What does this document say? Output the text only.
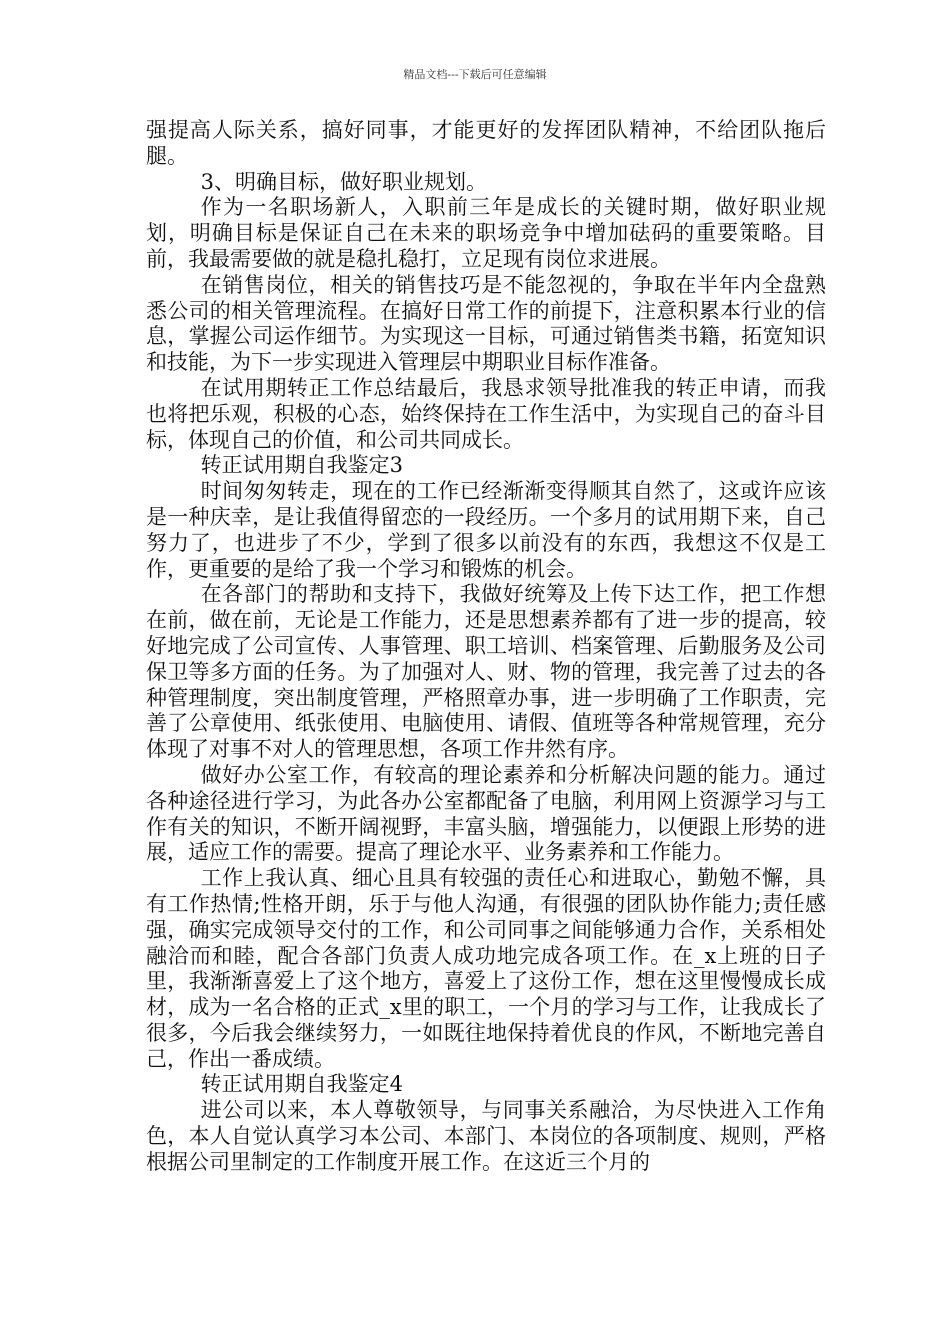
精品文档---下载后可任意编辑

强提高人际关系，搞好同事，才能更好的发挥团队精神，不给团队拖后腿。

3、明确目标，做好职业规划。

作为一名职场新人，入职前三年是成长的关键时期，做好职业规划，明确目标是保证自己在未来的职场竞争中增加砝码的重要策略。目前，我最需要做的就是稳扎稳打，立足现有岗位求进展。

在销售岗位，相关的销售技巧是不能忽视的，争取在半年内全盘熟悉公司的相关管理流程。在搞好日常工作的前提下，注意积累本行业的信息，掌握公司运作细节。为实现这一目标，可通过销售类书籍，拓宽知识和技能，为下一步实现进入管理层中期职业目标作准备。

在试用期转正工作总结最后，我恳求领导批准我的转正申请，而我也将把乐观，积极的心态，始终保持在工作生活中，为实现自己的奋斗目标，体现自己的价值，和公司共同成长。

转正试用期自我鉴定3

时间匆匆转走，现在的工作已经渐渐变得顺其自然了，这或许应该是一种庆幸，是让我值得留恋的一段经历。一个多月的试用期下来，自己努力了，也进步了不少，学到了很多以前没有的东西，我想这不仅是工作，更重要的是给了我一个学习和锻炼的机会。

在各部门的帮助和支持下，我做好统筹及上传下达工作，把工作想在前，做在前，无论是工作能力，还是思想素养都有了进一步的提高，较好地完成了公司宣传、人事管理、职工培训、档案管理、后勤服务及公司保卫等多方面的任务。为了加强对人、财、物的管理，我完善了过去的各种管理制度，突出制度管理，严格照章办事，进一步明确了工作职责，完善了公章使用、纸张使用、电脑使用、请假、值班等各种常规管理，充分体现了对事不对人的管理思想，各项工作井然有序。

做好办公室工作，有较高的理论素养和分析解决问题的能力。通过各种途径进行学习，为此各办公室都配备了电脑，利用网上资源学习与工作有关的知识，不断开阔视野，丰富头脑，增强能力，以便跟上形势的进展，适应工作的需要。提高了理论水平、业务素养和工作能力。

工作上我认真、细心且具有较强的责任心和进取心，勤勉不懈，具有工作热情;性格开朗，乐于与他人沟通，有很强的团队协作能力;责任感强，确实完成领导交付的工作，和公司同事之间能够通力合作，关系相处融洽而和睦，配合各部门负责人成功地完成各项工作。在_x上班的日子里，我渐渐喜爱上了这个地方，喜爱上了这份工作，想在这里慢慢成长成材，成为一名合格的正式_x里的职工，一个月的学习与工作，让我成长了很多，今后我会继续努力，一如既往地保持着优良的作风，不断地完善自己，作出一番成绩。

转正试用期自我鉴定4

进公司以来，本人尊敬领导，与同事关系融洽，为尽快进入工作角色，本人自觉认真学习本公司、本部门、本岗位的各项制度、规则，严格根据公司里制定的工作制度开展工作。在这近三个月的
